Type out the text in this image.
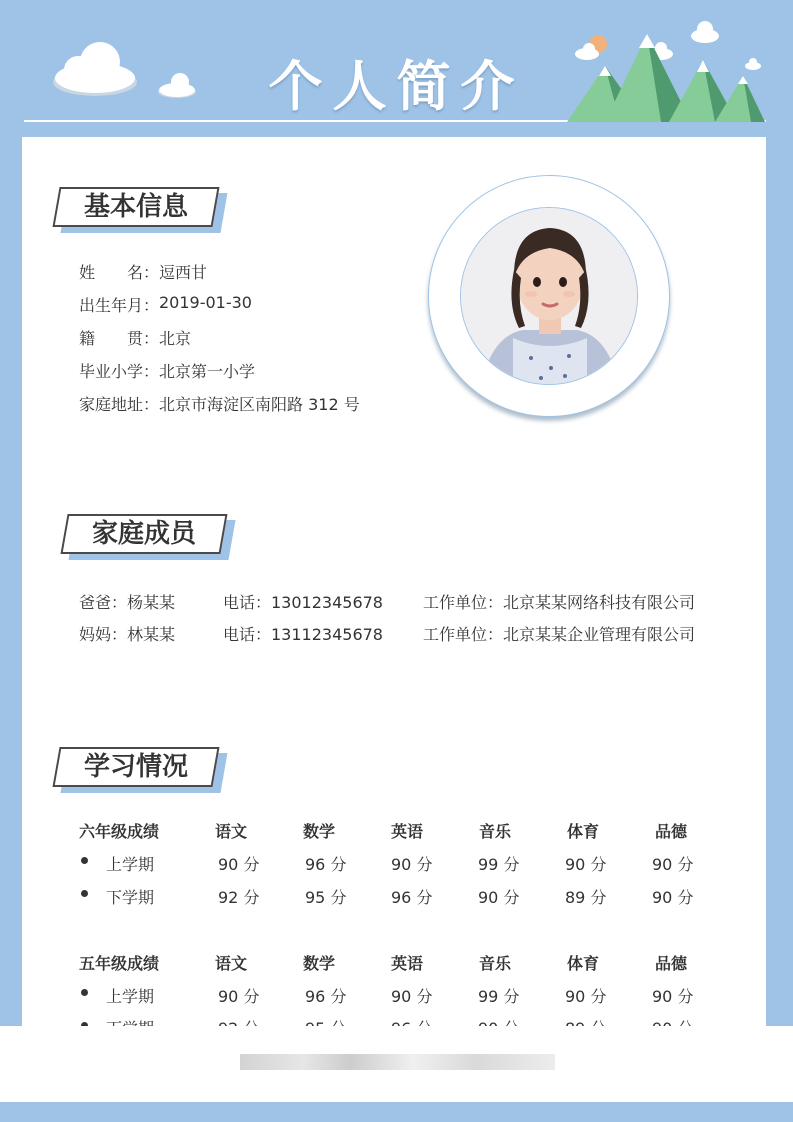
个人简介
基本信息
姓　　名： 逗西甘
出生年月： 2019-01-30
籍　　贯： 北京
毕业小学： 北京第一小学
家庭地址： 北京市海淀区南阳路 312 号
家庭成员
爸爸：杨某某	电话：13012345678	工作单位：北京某某网络科技有限公司
妈妈：林某某	电话：13112345678	工作单位：北京某某企业管理有限公司
学习情况
六年级成绩	语文	数学	英语	音乐	体育	品德
上学期	90 分	96 分	90 分	99 分	90 分	90 分
下学期	92 分	95 分	96 分	90 分	89 分	90 分
五年级成绩	语文	数学	英语	音乐	体育	品德
上学期	90 分	96 分	90 分	99 分	90 分	90 分
